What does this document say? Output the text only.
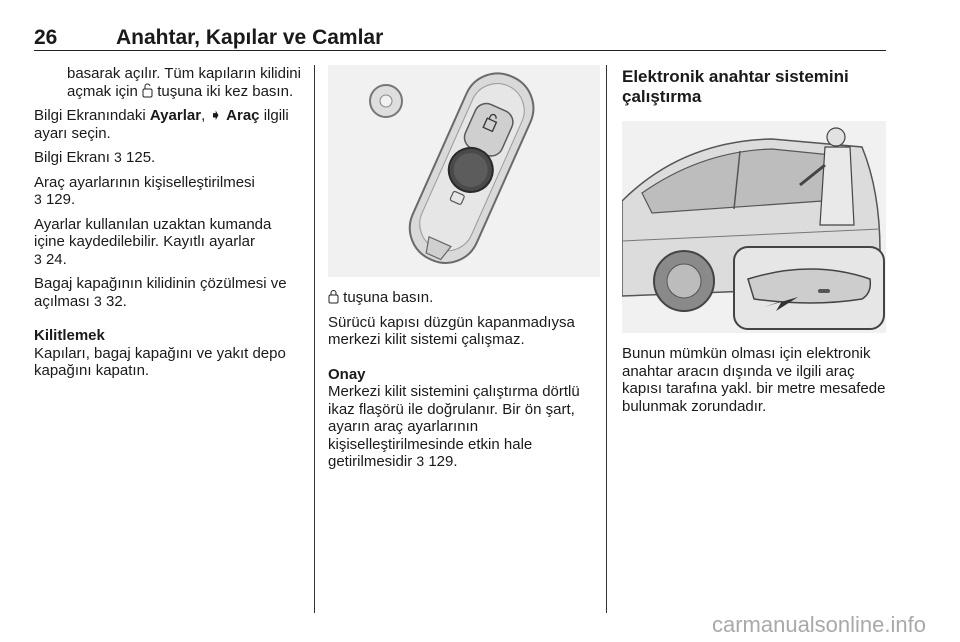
26	Anahtar, Kapılar ve Camlar

basarak açılır. Tüm kapıların kilidini açmak için tuşuna iki kez basın.

Bilgi Ekranındaki Ayarlar, ➧ Araç ilgili ayarı seçin.

Bilgi Ekranı 3 125.

Araç ayarlarının kişiselleştirilmesi
3 129.

Ayarlar kullanılan uzaktan kumanda içine kaydedilebilir. Kayıtlı ayarlar
3 24.

Bagaj kapağının kilidinin çözülmesi ve açılması 3 32.

Kilitlemek

Kapıları, bagaj kapağını ve yakıt depo kapağını kapatın.

tuşuna basın.

Sürücü kapısı düzgün kapanmadıysa merkezi kilit sistemi çalışmaz.

Onay

Merkezi kilit sistemini çalıştırma dörtlü ikaz flaşörü ile doğrulanır. Bir ön şart, ayarın araç ayarlarının kişiselleştirilmesinde etkin hale getirilmesidir 3 129.

Elektronik anahtar sistemini çalıştırma

Bunun mümkün olması için elektronik anahtar aracın dışında ve ilgili araç kapısı tarafına yakl. bir metre mesafede bulunmak zorundadır.

carmanualsonline.info
